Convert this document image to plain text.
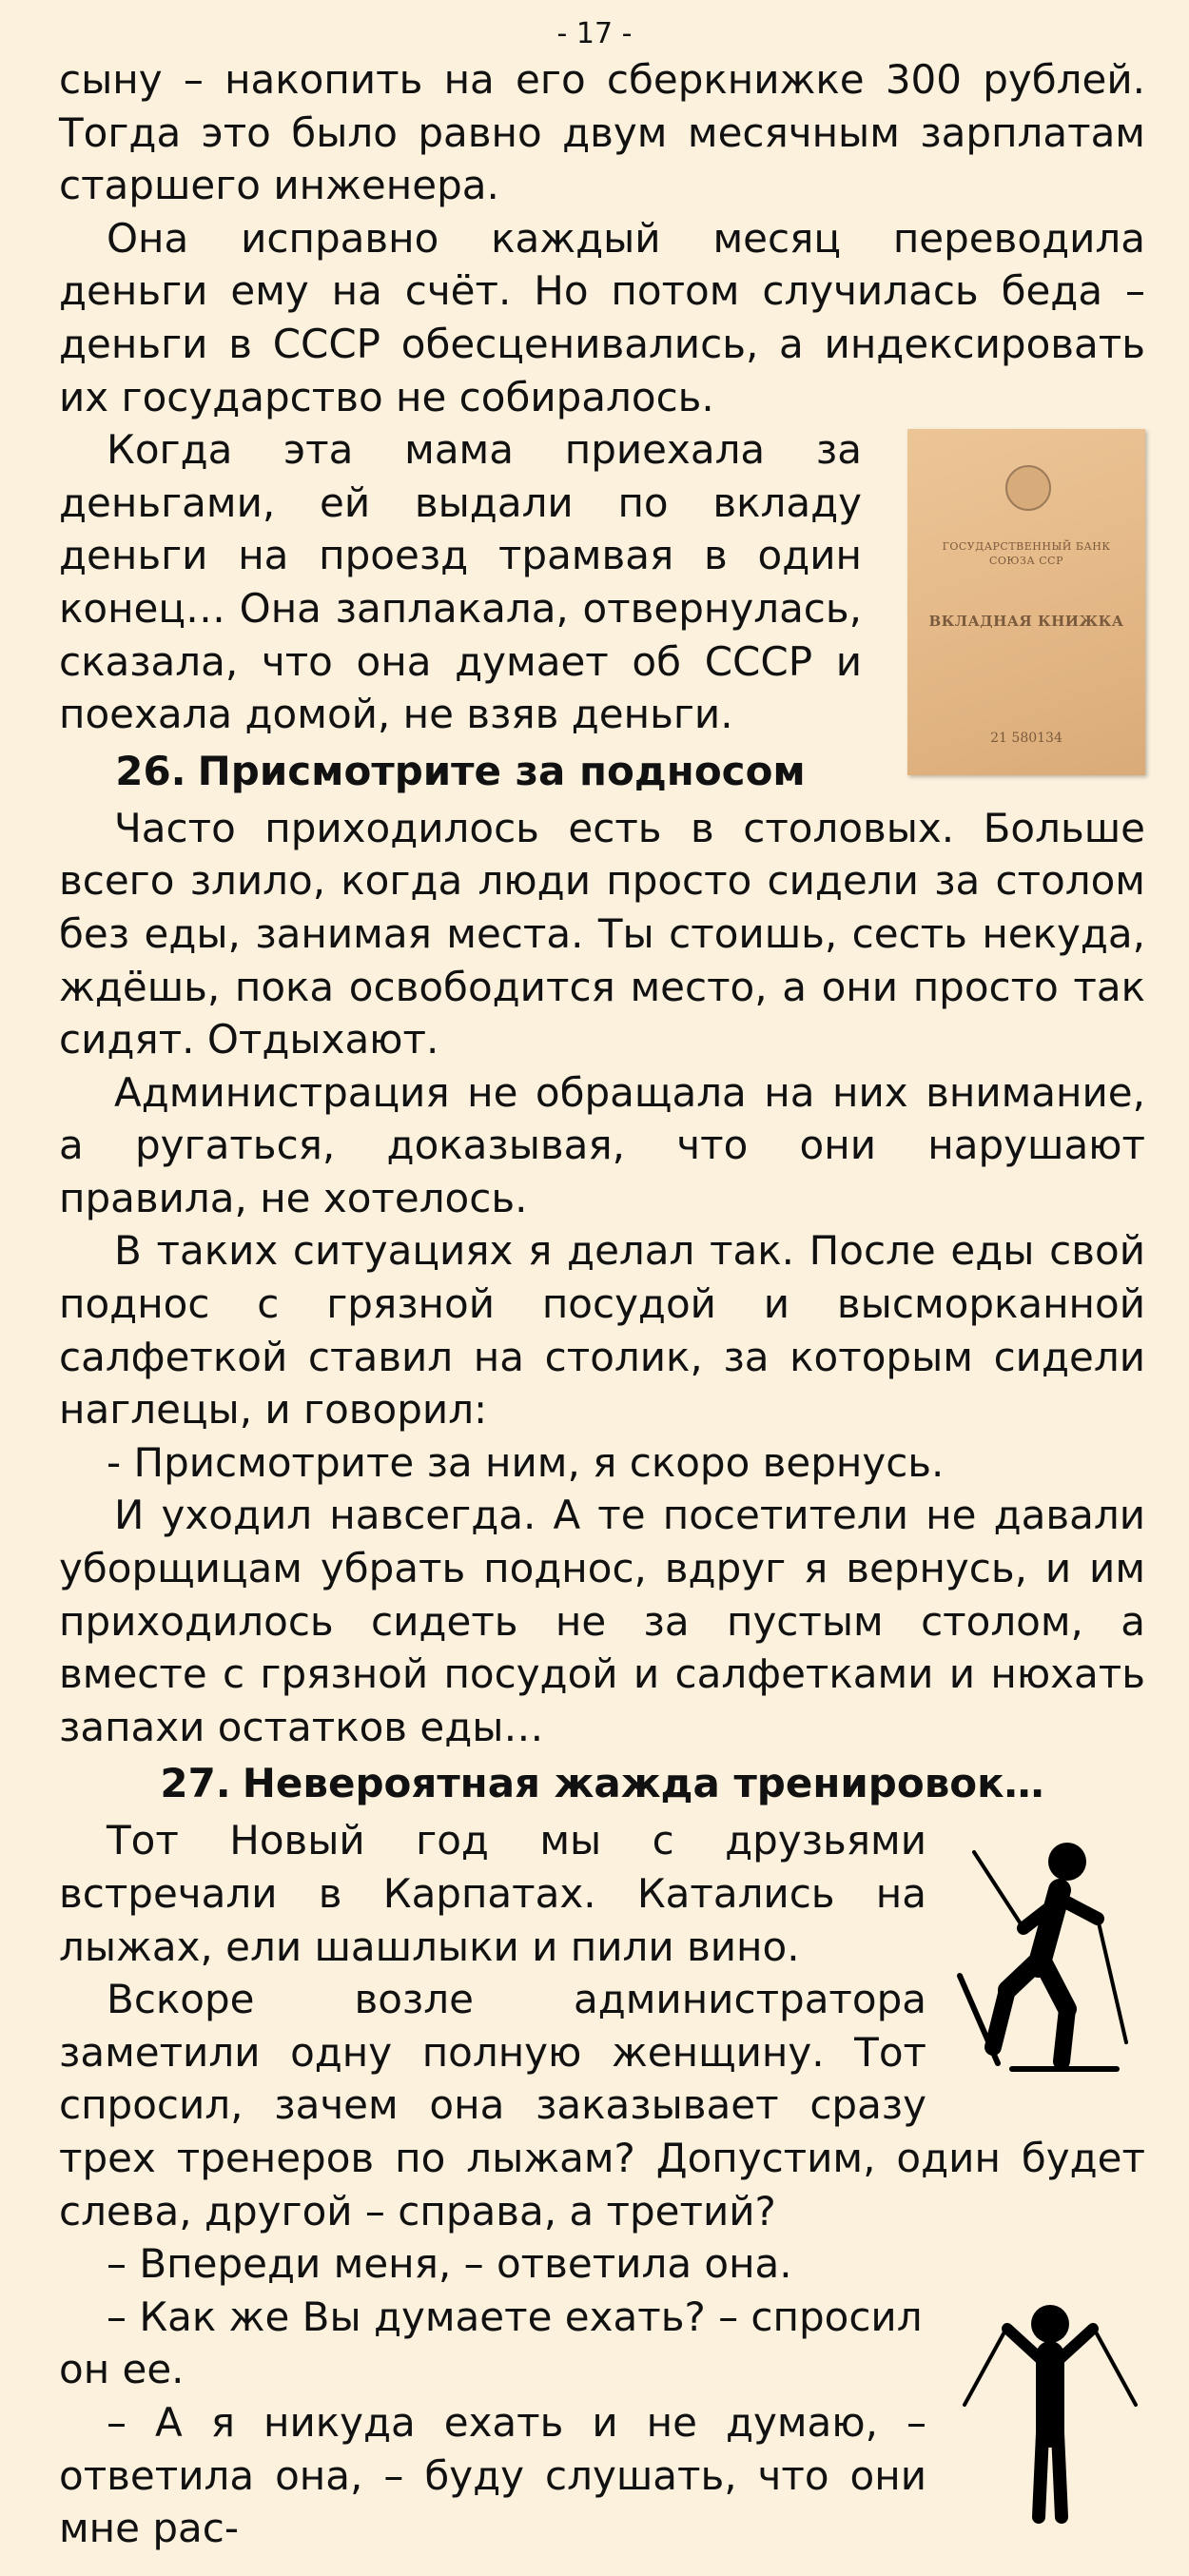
- 17 -

сыну – накопить на его сберкнижке 300 рублей. Тогда это было равно двум месячным зарплатам старшего инженера.

Она исправно каждый месяц переводила деньги ему на счёт. Но потом случилась беда – деньги в СССР обесценивались, а индексировать их государство не собиралось.

ГОСУДАРСТВЕННЫЙ БАНК
СОЮЗА ССР
ВКЛАДНАЯ КНИЖКА
21 580134

Когда эта мама приехала за деньгами, ей выдали по вкладу деньги на проезд трамвая в один конец… Она заплакала, отвернулась, сказала, что она думает об СССР и поехала домой, не взяв деньги.

26. Присмотрите за подносом

Часто приходилось есть в столовых. Больше всего злило, когда люди просто сидели за столом без еды, занимая места. Ты стоишь, сесть некуда, ждёшь, пока освободится место, а они просто так сидят. Отдыхают.

Администрация не обращала на них внимание, а ругаться, доказывая, что они нарушают правила, не хотелось.

В таких ситуациях я делал так. После еды свой поднос с грязной посудой и высморканной салфеткой ставил на столик, за которым сидели наглецы, и говорил:

- Присмотрите за ним, я скоро вернусь.

И уходил навсегда. А те посетители не давали уборщицам убрать поднос, вдруг я вернусь, и им приходилось сидеть не за пустым столом, а вместе с грязной посудой и салфетками и нюхать запахи остатков еды…

27. Невероятная жажда тренировок…

Тот Новый год мы с друзьями встречали в Карпатах. Катались на лыжах, ели шашлыки и пили вино.

Вскоре возле администратора заметили одну полную женщину. Тот спросил, зачем она заказывает сразу трех тренеров по лыжам? Допустим, один будет слева, другой – справа, а третий?

– Впереди меня, – ответила она.

– Как же Вы думаете ехать? – спросил он ее.

– А я никуда ехать и не думаю, – ответила она, – буду слушать, что они мне рас-
